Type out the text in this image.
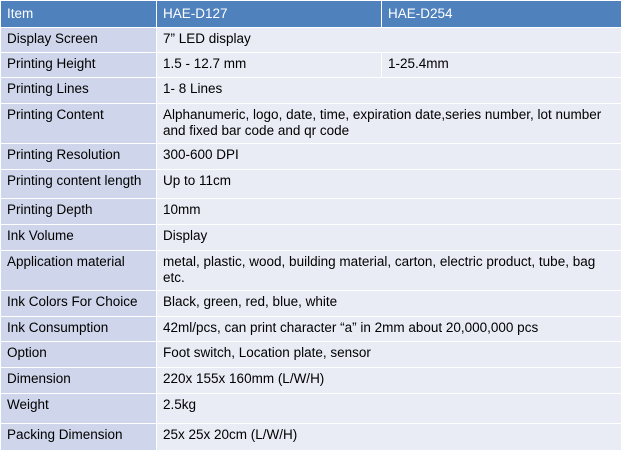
Item	HAE-D127	HAE-D254
Display Screen	7” LED display	
Printing Height	1.5 - 12.7 mm	1-25.4mm
Printing Lines	1- 8 Lines	
Printing Content	Alphanumeric, logo, date, time, expiration date,series number, lot number and fixed bar code and qr code	
Printing Resolution	300-600 DPI	
Printing content length	Up to 11cm	
Printing Depth	10mm	
Ink Volume	Display	
Application material	metal, plastic, wood, building material, carton, electric product, tube, bag etc.	
Ink Colors For Choice	Black, green, red, blue, white	
Ink Consumption	42ml/pcs, can print character “a” in 2mm about 20,000,000 pcs	
Option	Foot switch, Location plate, sensor	
Dimension	220x 155x 160mm (L/W/H)	
Weight	2.5kg	
Packing Dimension	25x 25x 20cm (L/W/H)	
